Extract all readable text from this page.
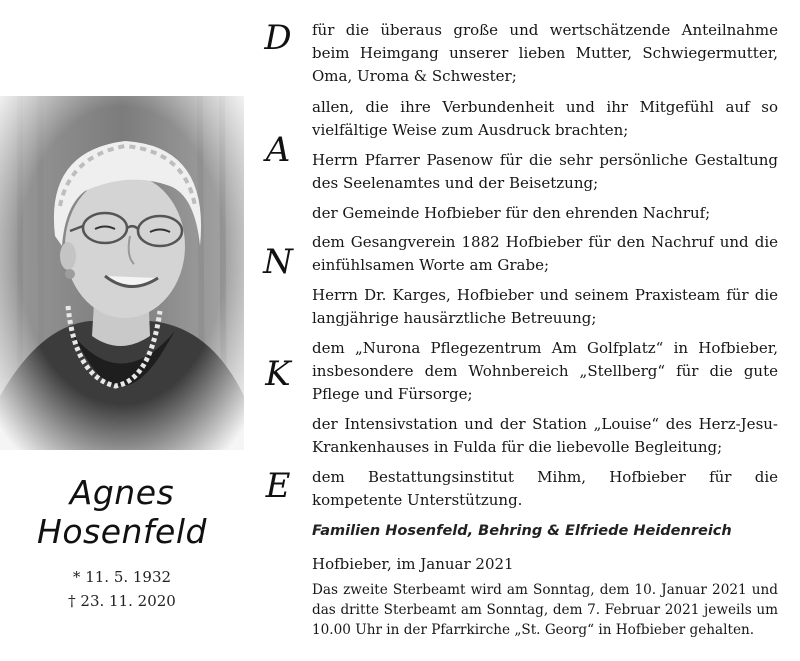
Agnes
Hosenfeld
* 11. 5. 1932
† 23. 11. 2020
D
A
N
K
E

für die überaus große und wertschätzende Anteilnahme beim Heimgang unserer lieben Mutter, Schwiegermutter, Oma, Uroma & Schwester;

allen, die ihre Verbundenheit und ihr Mitgefühl auf so vielfältige Weise zum Ausdruck brachten;

Herrn Pfarrer Pasenow für die sehr persönliche Gestaltung des Seelenamtes und der Beisetzung;

der Gemeinde Hofbieber für den ehrenden Nachruf;

dem Gesangverein 1882 Hofbieber für den Nachruf und die einfühlsamen Worte am Grabe;

Herrn Dr. Karges, Hofbieber und seinem Praxisteam für die langjährige hausärztliche Betreuung;

dem „Nurona Pflegezentrum Am Golfplatz“ in Hofbieber, insbesondere dem Wohnbereich „Stellberg“ für die gute Pflege und Fürsorge;

der Intensivstation und der Station „Louise“ des Herz-Jesu-Krankenhauses in Fulda für die liebevolle Begleitung;

dem Bestattungsinstitut Mihm, Hofbieber für die kompetente Unterstützung.

Familien Hosenfeld, Behring & Elfriede Heidenreich
Hofbieber, im Januar 2021

Das zweite Sterbeamt wird am Sonntag, dem 10. Januar 2021 und das dritte Sterbeamt am Sonntag, dem 7. Februar 2021 jeweils um 10.00 Uhr in der Pfarrkirche „St. Georg“ in Hofbieber gehalten.
